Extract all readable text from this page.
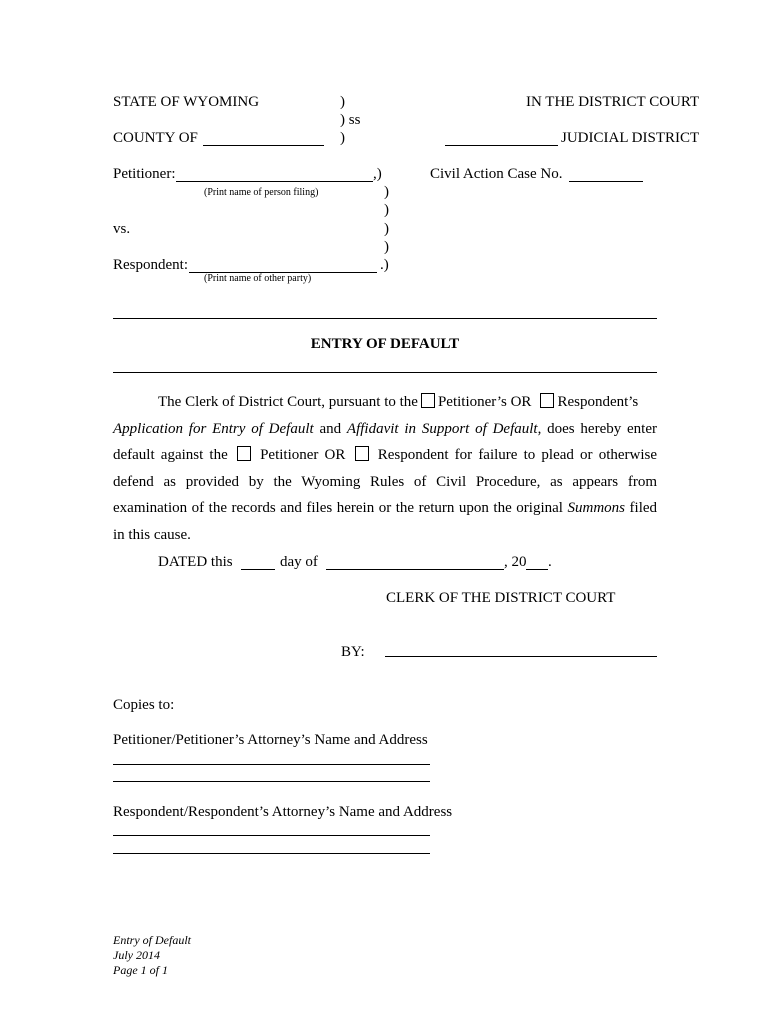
STATE OF WYOMING	)
) ss
)
COUNTY OF
IN THE DISTRICT COURT
JUDICIAL DISTRICT
Petitioner:	,)
(Print name of person filing)	)
)
vs.	)
)
Respondent:	.)
(Print name of other party)
Civil Action Case No.
ENTRY OF DEFAULT
The Clerk of District Court, pursuant to the Petitioner’s OR Respondent’s
Application for Entry of Default and Affidavit in Support of Default, does hereby enter
default against the Petitioner OR Respondent for failure to plead or otherwise
defend as provided by the Wyoming Rules of Civil Procedure, as appears from
examination of the records and files herein or the return upon the original Summons filed
in this cause.
DATED this	day of	, 20 .
CLERK OF THE DISTRICT COURT
BY:
Copies to:
Petitioner/Petitioner’s Attorney’s Name and Address
Respondent/Respondent’s Attorney’s Name and Address
Entry of Default
July 2014
Page 1 of 1
